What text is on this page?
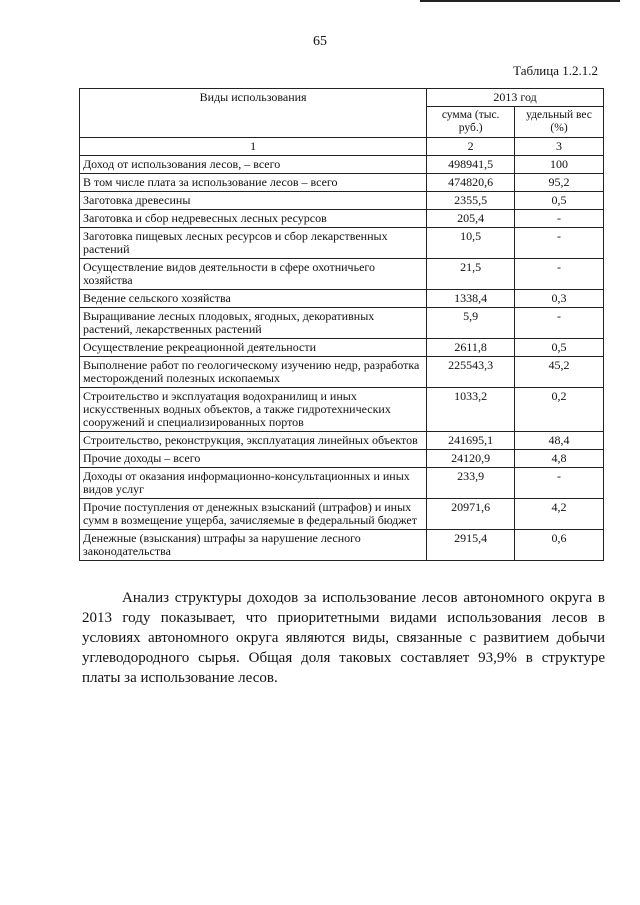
65
Таблица 1.2.1.2
Виды использования	2013 год	
	сумма (тыс. руб.)	удельный вес (%)
1	2	3
Доход от использования лесов, – всего	498941,5	100
В том числе плата за использование лесов – всего	474820,6	95,2
Заготовка древесины	2355,5	0,5
Заготовка и сбор недревесных лесных ресурсов	205,4	-
Заготовка пищевых лесных ресурсов и сбор лекарственных растений	10,5	-
Осуществление видов деятельности в сфере охотничьего хозяйства	21,5	-
Ведение сельского хозяйства	1338,4	0,3
Выращивание лесных плодовых, ягодных, декоративных растений, лекарственных растений	5,9	-
Осуществление рекреационной деятельности	2611,8	0,5
Выполнение работ по геологическому изучению недр, разработка месторождений полезных ископаемых	225543,3	45,2
Строительство и эксплуатация водохранилищ и иных искусственных водных объектов, а также гидротехнических сооружений и специализированных портов	1033,2	0,2
Строительство, реконструкция, эксплуатация линейных объектов	241695,1	48,4
Прочие доходы – всего	24120,9	4,8
Доходы от оказания информационно-консультационных и иных видов услуг	233,9	-
Прочие поступления от денежных взысканий (штрафов) и иных сумм в возмещение ущерба, зачисляемые в федеральный бюджет	20971,6	4,2
Денежные (взыскания) штрафы за нарушение лесного законодательства	2915,4	0,6

Анализ структуры доходов за использование лесов автономного округа в 2013 году показывает, что приоритетными видами использования лесов в условиях автономного округа являются виды, связанные с развитием добычи углеводородного сырья. Общая доля таковых составляет 93,9% в структуре платы за использование лесов.
